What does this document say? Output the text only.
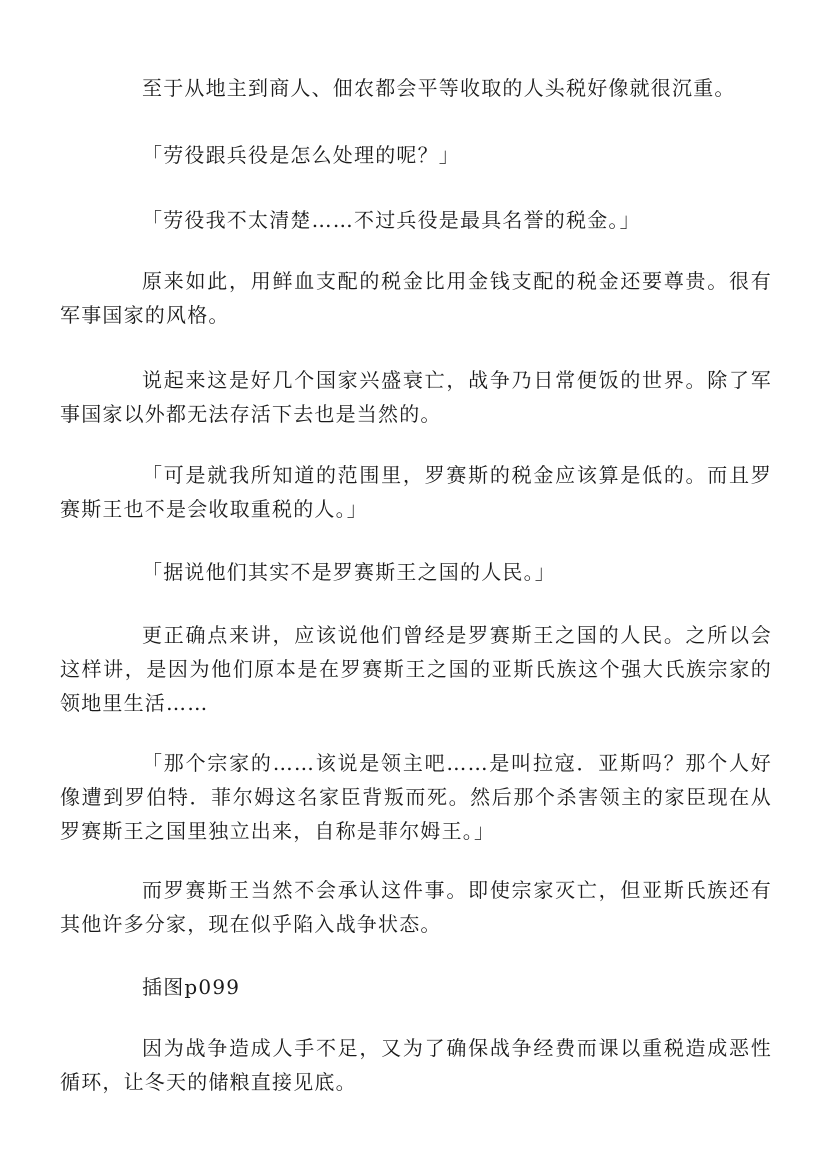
至于从地主到商人、佃农都会平等收取的人头税好像就很沉重。

「劳役跟兵役是怎么处理的呢？」

「劳役我不太清楚……不过兵役是最具名誉的税金。」

原来如此，用鲜血支配的税金比用金钱支配的税金还要尊贵。很有军事国家的风格。

说起来这是好几个国家兴盛衰亡，战争乃日常便饭的世界。除了军事国家以外都无法存活下去也是当然的。

「可是就我所知道的范围里，罗赛斯的税金应该算是低的。而且罗赛斯王也不是会收取重税的人。」

「据说他们其实不是罗赛斯王之国的人民。」

更正确点来讲，应该说他们曾经是罗赛斯王之国的人民。之所以会这样讲，是因为他们原本是在罗赛斯王之国的亚斯氏族这个强大氏族宗家的领地里生活……

「那个宗家的……该说是领主吧……是叫拉寇．亚斯吗？那个人好像遭到罗伯特．菲尔姆这名家臣背叛而死。然后那个杀害领主的家臣现在从罗赛斯王之国里独立出来，自称是菲尔姆王。」

而罗赛斯王当然不会承认这件事。即使宗家灭亡，但亚斯氏族还有其他许多分家，现在似乎陷入战争状态。

插图p099

因为战争造成人手不足，又为了确保战争经费而课以重税造成恶性循环，让冬天的储粮直接见底。
